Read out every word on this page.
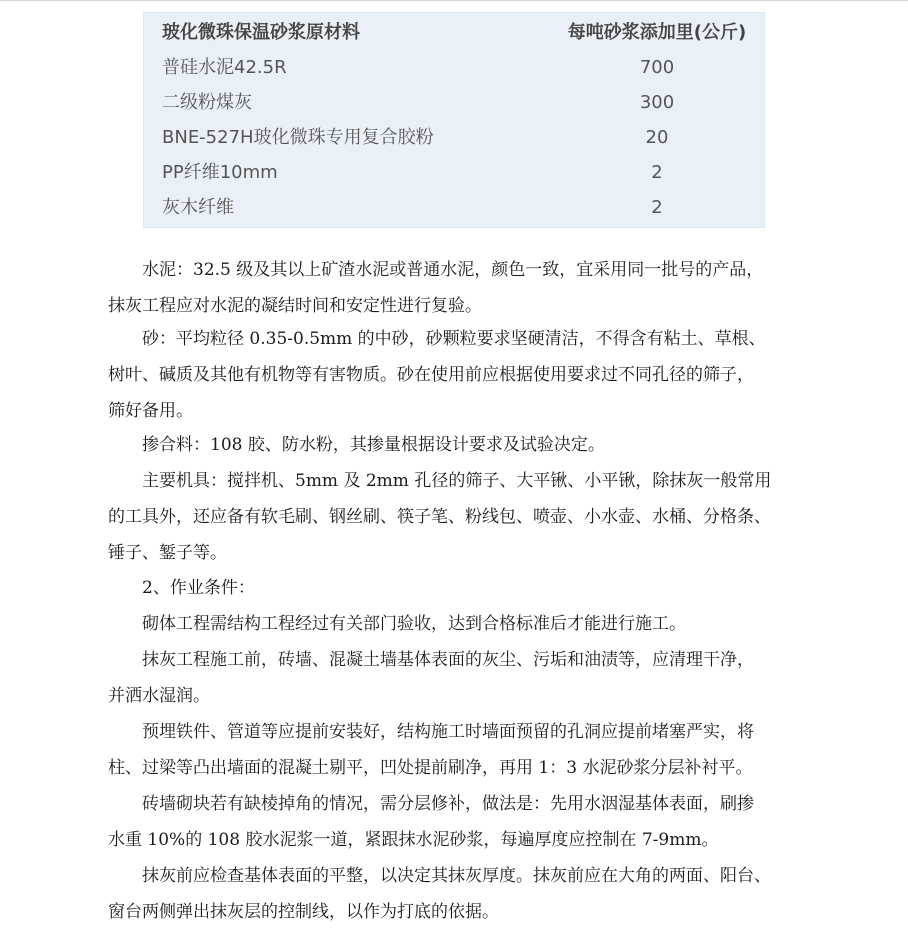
玻化微珠保温砂浆原材料	每吨砂浆添加里(公斤)
普硅水泥42.5R	700
二级粉煤灰	300
BNE-527H玻化微珠专用复合胶粉	20
PP纤维10mm	2
灰木纤维	2
　　水泥：32.5 级及其以上矿渣水泥或普通水泥，颜色一致，宜采用同一批号的产品，
抹灰工程应对水泥的凝结时间和安定性进行复验。
　　砂：平均粒径 0.35-0.5mm 的中砂，砂颗粒要求坚硬清洁，不得含有粘土、草根、
树叶、碱质及其他有机物等有害物质。砂在使用前应根据使用要求过不同孔径的筛子，
筛好备用。
　　掺合料：108 胶、防水粉，其掺量根据设计要求及试验决定。
　　主要机具：搅拌机、5mm 及 2mm 孔径的筛子、大平锹、小平锹，除抹灰一般常用
的工具外，还应备有软毛刷、钢丝刷、筷子笔、粉线包、喷壶、小水壶、水桶、分格条、
锤子、錾子等。
　　2、作业条件：
　　砌体工程需结构工程经过有关部门验收，达到合格标准后才能进行施工。
　　抹灰工程施工前，砖墙、混凝土墙基体表面的灰尘、污垢和油渍等，应清理干净，
并洒水湿润。
　　预埋铁件、管道等应提前安装好，结构施工时墙面预留的孔洞应提前堵塞严实，将
柱、过梁等凸出墙面的混凝土剔平，凹处提前刷净，再用 1：3 水泥砂浆分层补衬平。
　　砖墙砌块若有缺棱掉角的情况，需分层修补，做法是：先用水洇湿基体表面，刷掺
水重 10%的 108 胶水泥浆一道，紧跟抹水泥砂浆，每遍厚度应控制在 7-9mm。
　　抹灰前应检查基体表面的平整，以决定其抹灰厚度。抹灰前应在大角的两面、阳台、
窗台两侧弹出抹灰层的控制线，以作为打底的依据。
